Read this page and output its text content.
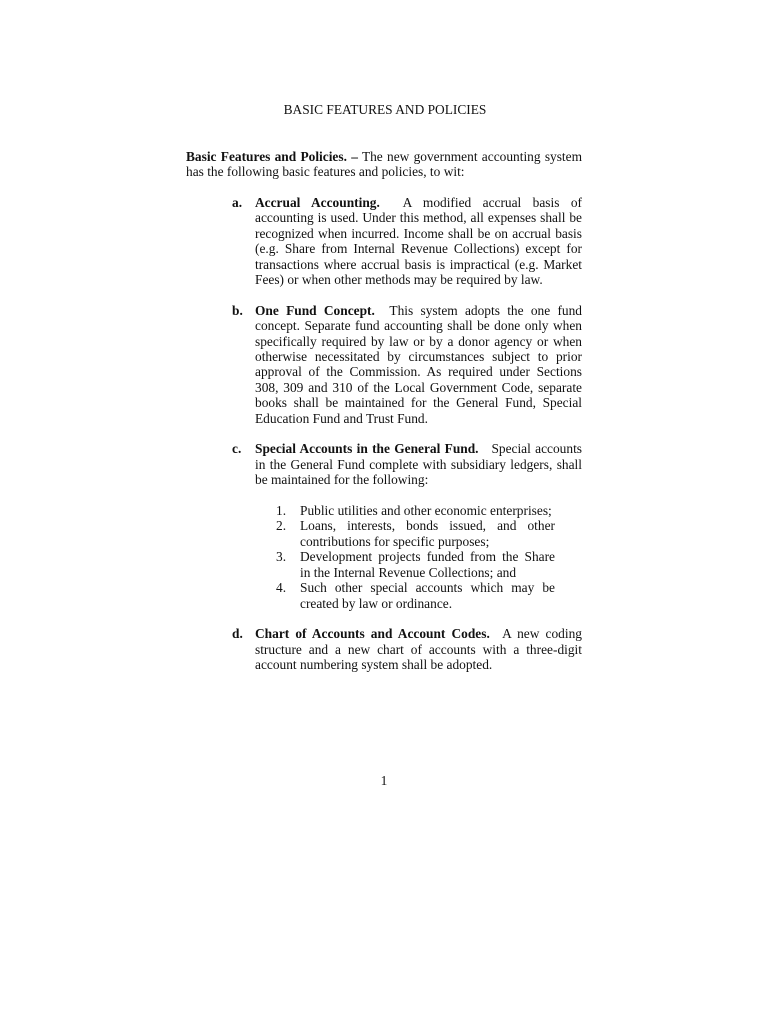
BASIC FEATURES AND POLICIES

Basic Features and Policies. – The new government accounting system has the following basic features and policies, to wit:

a. Accrual Accounting. A modified accrual basis of accounting is used. Under this method, all expenses shall be recognized when incurred. Income shall be on accrual basis (e.g. Share from Internal Revenue Collections) except for transactions where accrual basis is impractical (e.g. Market Fees) or when other methods may be required by law.

b. One Fund Concept. This system adopts the one fund concept. Separate fund accounting shall be done only when specifically required by law or by a donor agency or when otherwise necessitated by circumstances subject to prior approval of the Commission. As required under Sections 308, 309 and 310 of the Local Government Code, separate books shall be maintained for the General Fund, Special Education Fund and Trust Fund.

c.	Special Accounts in the General Fund. Special accounts in the General Fund complete with subsidiary ledgers, shall be maintained for the following:

1.	Public utilities and other economic enterprises;
2.	Loans, interests, bonds issued, and other contributions for specific purposes;
3.	Development projects funded from the Share in the Internal Revenue Collections; and
4.	Such other special accounts which may be created by law or ordinance.
d. Chart of Accounts and Account Codes. A new coding structure and a new chart of accounts with a three-digit account numbering system shall be adopted.

1
